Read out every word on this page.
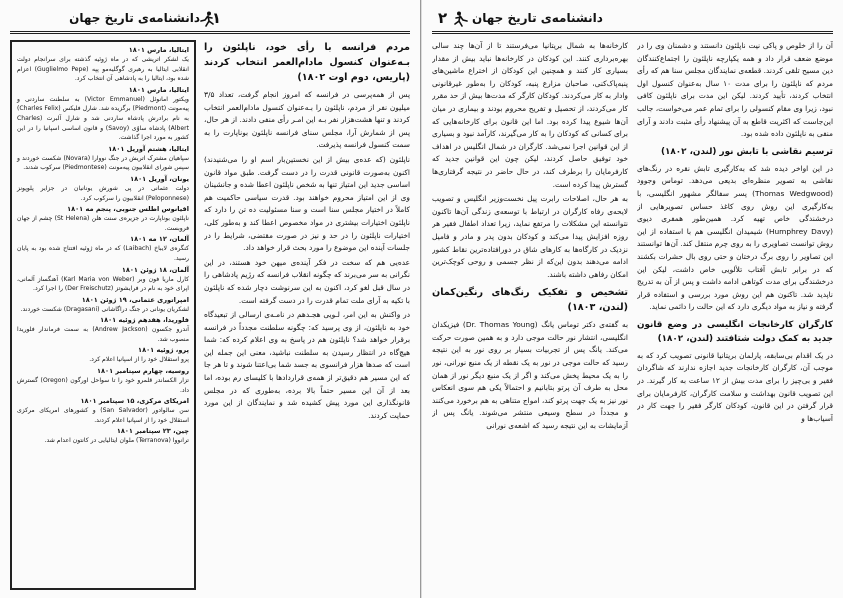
دانشنامه‌ی تاریخ جهان ۱
مردم فرانسه با رأی خود، ناپلئون را بـه‌عنوان کنسول مادام‌العمر انتخاب کردند (پاریس، دوم اوت ۱۸۰۲)

پس از همه‌پرسی در فرانسه که امروز انجام گرفت، تعداد ۳/۵ میلیون نفر از مردم، ناپلئون را بـه‌عنوان کنسول مادام‌العمر انتخاب کردند و تنها هشت‌هزار نفر بـه این امـر رأی منفی دادند. از هر حال، پس از شمارش آرا، مجلس سنای فرانسه ناپلئون بوناپارت را به سمت کنسول فرانسه پذیرفت.

ناپلئون (که عده‌ی بیش از این نخستین‌بار اسم او را می‌شنیدند) اکنون به‌صورت قانونی قدرت را در دست گرفت. طبق مواد قانون اساسی جدید این امتیاز تنها به شخص ناپلئون اعطا شده و جانشینان وی از این امتیاز محروم خواهند بود. قدرت سیاسی حاکمیت هم کاملاً در اختیار مجلس سنا است و سنا مسئولیت ده تن را دارد که ناپلئون اختیارات بیشتری در مواد مخصوص اعطا کند و به‌طور کلی، اختیارات ناپلئون را در حد و نیز در صورت مقتضی، شرایط را در جلسات آینده این موضوع را مورد بحث قرار خواهد داد.

عده‌یی هم که سخت در فکر آینده‌ی میهن خود هستند، در این نگرانی به سر می‌برند که چگونه انقلاب فرانسه که رژیم پادشاهی را در سال قبل لغو کرد، اکنون به این سرنوشت دچار شده که ناپلئون با تکیه به آرای ملت تمام قدرت را در دست گرفته است.

در واکنش به این امر، لـویی هجـدهم در نامـه‌ی ارسالی از تبعیدگاه خود به ناپلئون، از وی پرسید که: چگونه سلطنت مجدداً در فرانسه برقرار خواهد شد؟ ناپلئون هم در پاسخ به وی اعلام کرده که: شما هیچ‌گاه در انتظار رسیدن به سلطنت نباشید، معنی این جمله این است که صدها هزار فرانسوی به جسد شما بی‌اعتنا شوند و تا هر جا که این مسیر هم دقیق‌تر از همه‌ی قراردادها با کلیسای رم بوده، اما بعد از آن این مسیر حتماً بالا برده، به‌طوری که در مجلس قانونگذاری این مورد پیش کشیده شد و نمایندگان از این مورد حمایت کردند.

ایتالیا، مارس ۱۸۰۱
یک لشکر اتریشی که در ماه ژوئیه گذشته برای سرانجام دولت انقلابی ایتالیا به رهبری گوگلیه‌مو پپه (Guglielmo Pepe) اعزام شده بود، ایتالیا را به پادشاهی آن انتخاب کرد.
ایتالیا، مارس ۱۸۰۱
ویکتور امانوئل (Victor Emmanuel) به سلطنت ساردنی و پیه‌مونت (Piedmont) برگزیده شد. شارل فلیکس (Charles Felix) به نام برادرش پادشاه ساردنی شد و شارل آلبرت (Charles Albert) پادشاه ساوُی (Savoy) و قانون اساسی اسپانیا را در این کشور به مورد اجرا گذاشت.
ایتالیا، هشتم آوریل ۱۸۰۱
سپاهیان مشترک اتریش در جنگ نووارا (Novara) شکست خوردند و سپس شورای انقلابیون پیه‌مونت (Piedmontese) سرکوب شدند.
یونان، آوریل ۱۸۰۱
دولت عثمانی در پی شورش یونانیان در جزایر پلوپونز (Peloponnese) انقلابیون را سرکوب کرد.
اقیانوس اطلس جنوبی، پنجم مه ۱۸۰۱
ناپلئون بوناپارت در جزیره‌ی سنت هلن (St Helena) چشم از جهان فروبست.
آلمان، ۱۲ مه ۱۸۰۱
کنگره‌ی لایباخ (Laibach) که در ماه ژوئیه افتتاح شده بود به پایان رسید.
آلمان، ۱۸ ژوئن ۱۸۰۱
کارل ماریا فون وبر (Karl Maria von Weber) آهنگساز آلمانی، اپرای خود به نام در فرایشوتز (Der Freischutz) را اجرا کرد.
امپراتوری عثمانی، ۱۹ ژوئن ۱۸۰۱
لشکریان یونانی در جنگ دراگاشانی (Dragasani) شکست خوردند.
فلوریدا، هفدهم ژوئیه ۱۸۰۱
آندرو جکسون (Andrew Jackson) به سمت فرماندار فلوریدا منصوب شد.
پرو، ژوئیه ۱۸۰۱
پرو استقلال خود را از اسپانیا اعلام کرد.
روسیه، چهارم سپتامبر ۱۸۰۱
تزار الکساندر قلمرو خود را تا سواحل اورگون (Oregon) گسترش داد.
امریکای مرکزی، ۱۵ سپتامبر ۱۸۰۱
سن سالوادور (San Salvador) و کشورهای امریکای مرکزی استقلال خود را از اسپانیا اعلام کردند.
چین، ۲۳ سپتامبر ۱۸۰۱
ترانووا (Terranova) ملوان ایتالیایی در کانتون اعدام شد.
۲ دانشنامه‌ی تاریخ جهان

آن را از خلوص و پاکی نیت ناپلئون دانستند و دشمنان وی را در موضع ضعف قرار داد و همه یکپارچه ناپلئون را اجتماع‌کنندگان دین مسیح تلقی کردند. قطعه‌ی نمایندگان مجلس سنا هم که رأی مردم که ناپلئون را برای مدت ۱۰ سال به‌عنوان کنسول اول انتخاب کردند، تأیید کردند. لیکن این مدت برای ناپلئون کافی نبود، زیرا وی مقام کنسولی را برای تمام عمر می‌خواست، جالب این‌جاست که اکثریت قاطع به آن پیشنهاد رأی مثبت دادند و آرای منفی به ناپلئون داده شده بود.

ترسیم نقاشی با تابش نور (لندن، ۱۸۰۲)

در این اواخر دیده شد که به‌کارگیری تابش نقره در رنگ‌های نقاشی به تصویر منظره‌ای بدیعی می‌دهد. توماس وجوود (Thomas Wedgwood) پسر سفالگر مشهور انگلیسی، با به‌کارگیری این روش روی کاغذ حساس تصویرهایی از درخشندگی خاص تهیه کرد. همین‌طور همفری دیوی (Humphrey Davy) شیمیدان انگلیسی هم با استفاده از این روش توانست تصاویری را به روی چرم منتقل کند. آن‌ها توانستند این تصاویر را روی برگ درختان و حتی روی بال حشرات بکشند که در برابر تابش آفتاب تلألویی خاص داشت، لیکن این درخشندگی برای مدت کوتاهی ادامه داشت و پس از آن به تدریج ناپدید شد. تاکنون هم این روش مورد بررسی و استفاده قرار گرفته و نیاز به مواد دیگری دارد که این حالت را دائمی نماید.

کارگران کارخانجات انگلیسی در وضع قانون جدید به کمک دولت شتافتند (لندن، ۱۸۰۲)

در یک اقدام بی‌سابقه، پارلمان بریتانیا قانونی تصویب کرد که به موجب آن، کارگران کارخانجات جدید اجازه ندارند که شاگردان فقیر و بی‌چیز را برای مدت بیش از ۱۲ ساعت به کار گیرند. در این تصویب قانون بهداشت و سلامت کارگران، کارفرمایان برای قرار گرفتن در این قانون، کودکان کارگر فقیر را جهت کار در آسیاب‌ها و

کارخانه‌ها به شمال بریتانیا می‌فرستند تا از آن‌ها چند سالی بهره‌برداری کنند. این کودکان در کارخانه‌ها نباید بیش از مقدار بسیاری کار کنند و همچنین این کودکان از اختراع ماشین‌های پنبه‌پاک‌کنی، صاحبان مزارع پنبه، کودکان را به‌طور غیرقانونی وادار به کار می‌کردند. کودکان کارگر که مدت‌ها بیش از حد مقرر کار می‌کردند، از تحصیل و تفریح محروم بودند و بیماری در میان آن‌ها شیوع پیدا کرده بود. اما این قانون برای کارخانه‌هایی که برای کسانی که کودکان را به کار می‌گیرند، کارآمد نبود و بسیاری از این قوانین اجرا نمی‌شد. کارگران در شمال انگلیس در اهداف خود توفیق حاصل کردند، لیکن چون این قوانین جدید که کارفرمایان را برطرف کند، در حال حاضر در نتیجه گرفتاری‌ها گسترش پیدا کرده است.

به هر حال، اصلاحات رابرت پیل نخست‌وزیر انگلیس و تصویب لایحه‌ی رفاه کارگران در ارتباط با توسعه‌ی زندگی آن‌ها تاکنون نتوانسته این مشکلات را مرتفع نماید، زیرا تعداد اطفال فقیر هر روزه افزایش پیدا می‌کند و کودکان بدون پدر و مادر و فامیل نزدیک در کارگاه‌ها به کارهای شاق در دورافتاده‌ترین نقاط کشور ادامه می‌دهند بدون این‌که از نظر جسمی و روحی کوچک‌ترین امکان رفاهی داشته باشند.

تشخیص و تفکیک رنگ‌های رنگین‌کمان (لندن، ۱۸۰۳)

به گفته‌ی دکتر توماس یانگ (Dr. Thomas Young) فیزیکدان انگلیسی، انتشار نور حالت موجی دارد و به همین صورت حرکت می‌کند. یانگ پس از تجربیات بسیار بر روی نور به این نتیجه رسید که حالت موجی در نور به یک نقطه از یک منبع نورانی، نور را به یک محیط پخش می‌کند و اگر از یک منبع دیگر نور از همان محل به طرف آن پرتو بتابانیم و احتمالاً یکی هم سوی انعکاس نور نیز به یک جهت پرتو کند، امواج متناهی به هم برخورد می‌کنند و مجدداً در سطح وسیعی منتشر می‌شوند. یانگ پس از آزمایشات به این نتیجه رسید که اشعه‌ی نورانی
